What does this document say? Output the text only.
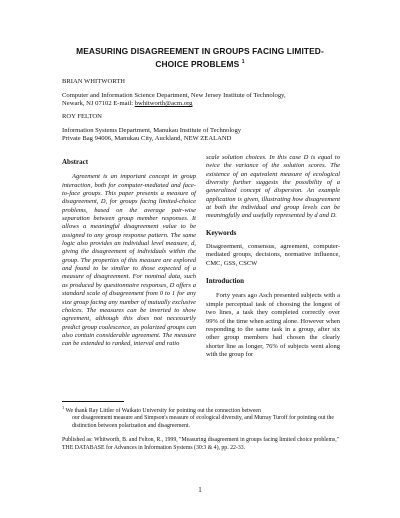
MEASURING DISAGREEMENT IN GROUPS FACING LIMITED-
CHOICE PROBLEMS $^1$
BRIAN WHITWORTH
Computer and Information Science Department, New Jersey Institute of Technology,
Newark, NJ 07102 E-mail: bwhitworth@acm.org
ROY FELTON
Information Systems Department, Manukau Institute of Technology
Private Bag 94006, Manukau City, Auckland, NEW ZEALAND
Abstract

Agreement is an important concept in group interaction, both for computer-mediated and face-to-face groups. This paper presents a measure of disagreement, D, for groups facing limited-choice problems, based on the average pair-wise separation between group member responses. It allows a meaningful disagreement value to be assigned to any group response pattern. The same logic also provides an individual level measure, d, giving the disagreement of individuals within the group. The properties of this measure are explored and found to be similar to those expected of a measure of disagreement. For nominal data, such as produced by questionnaire responses, D offers a standard scale of disagreement from 0 to 1 for any size group facing any number of mutually exclusive choices. The measures can be inverted to show agreement, although this does not necessarily predict group coalescence, as polarized groups can also contain considerable agreement. The measure can be extended to ranked, interval and ratio

scale solution choices. In this case D is equal to twice the variance of the solution scores. The existence of an equivalent measure of ecological diversity further suggests the possibility of a generalized concept of dispersion. An example application is given, illustrating how disagreement at both the individual and group levels can be meaningfully and usefully represented by d and D.

Keywords

Disagreement, consensus, agreement, computer-mediated groups, decisions, normative influence, CMC, GSS, CSCW

Introduction

Forty years ago Asch presented subjects with a simple perceptual task of choosing the longest of two lines, a task they completed correctly over 99% of the time when acting alone. However when responding to the same task in a group, after six other group members had chosen the clearly shorter line as longer, 76% of subjects went along with the group for

$^1$ We thank Ray Littler of Waikato University for pointing out the connection between
our disagreement measure and Simpson's measure of ecological diversity, and Murray Turoff for pointing out the distinction between polarization and disagreement.
Published as: Whitworth, B. and Felton, R., 1999, "Measuring disagreement in groups facing limited choice problems," THE DATABASE for Advances in Information Systems (30:3 & 4), pp. 22-33.
1
